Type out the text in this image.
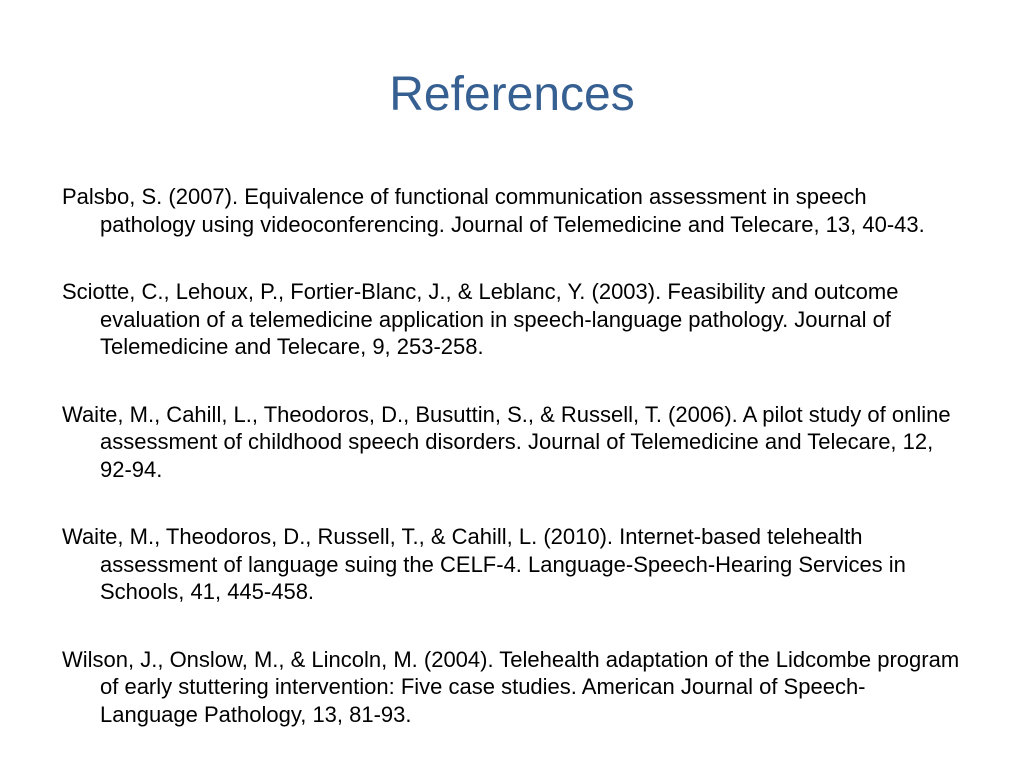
References
Palsbo, S. (2007). Equivalence of functional communication assessment in speech pathology using videoconferencing. Journal of Telemedicine and Telecare, 13, 40-43.
Sciotte, C., Lehoux, P., Fortier-Blanc, J., & Leblanc, Y. (2003). Feasibility and outcome evaluation of a telemedicine application in speech-language pathology. Journal of Telemedicine and Telecare, 9, 253-258.
Waite, M., Cahill, L., Theodoros, D., Busuttin, S., & Russell, T. (2006). A pilot study of online assessment of childhood speech disorders. Journal of Telemedicine and Telecare, 12, 92-94.
Waite, M., Theodoros, D., Russell, T., & Cahill, L. (2010). Internet-based telehealth assessment of language suing the CELF-4. Language-Speech-Hearing Services in Schools, 41, 445-458.
Wilson, J., Onslow, M., & Lincoln, M. (2004). Telehealth adaptation of the Lidcombe program of early stuttering intervention: Five case studies. American Journal of Speech-Language Pathology, 13, 81-93.
